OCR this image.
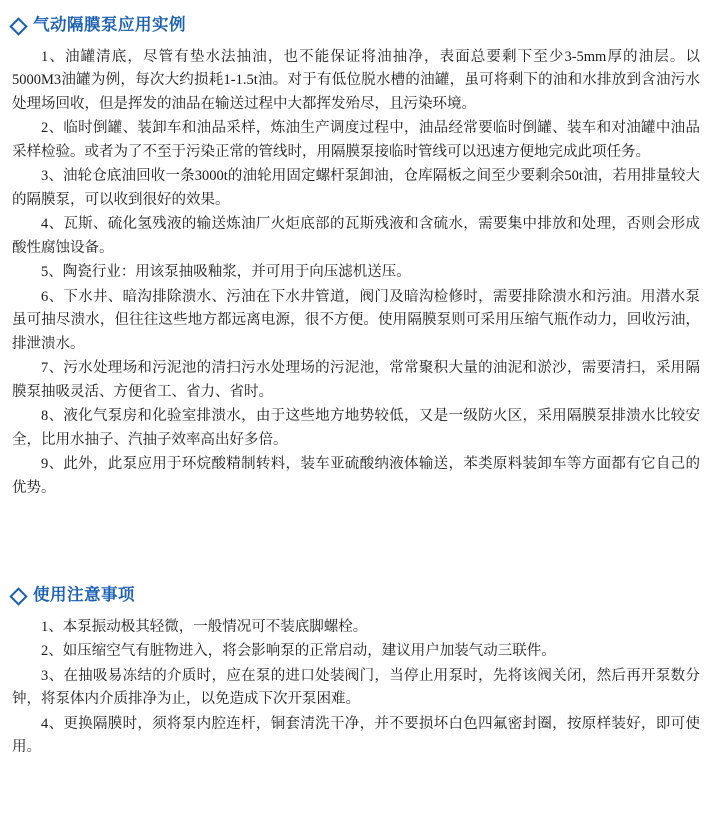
气动隔膜泵应用实例

1、油罐清底，尽管有垫水法抽油，也不能保证将油抽净，表面总要剩下至少3-5mm厚的油层。以5000M3油罐为例，每次大约损耗1-1.5t油。对于有低位脱水槽的油罐，虽可将剩下的油和水排放到含油污水处理场回收，但是挥发的油品在输送过程中大都挥发殆尽，且污染环境。

2、临时倒罐、装卸车和油品采样，炼油生产调度过程中，油品经常要临时倒罐、装车和对油罐中油品采样检验。或者为了不至于污染正常的管线时，用隔膜泵接临时管线可以迅速方便地完成此项任务。

3、油轮仓底油回收一条3000t的油轮用固定螺杆泵卸油，仓库隔板之间至少要剩余50t油，若用排量较大的隔膜泵，可以收到很好的效果。

4、瓦斯、硫化氢残液的输送炼油厂火炬底部的瓦斯残液和含硫水，需要集中排放和处理，否则会形成酸性腐蚀设备。

5、陶瓷行业：用该泵抽吸釉浆，并可用于向压滤机送压。

6、下水井、暗沟排除溃水、污油在下水井管道，阀门及暗沟检修时，需要排除溃水和污油。用潜水泵虽可抽尽溃水，但往往这些地方都远离电源，很不方便。使用隔膜泵则可采用压缩气瓶作动力，回收污油，排泄溃水。

7、污水处理场和污泥池的清扫污水处理场的污泥池，常常聚积大量的油泥和淤沙，需要清扫，采用隔膜泵抽吸灵活、方便省工、省力、省时。

8、液化气泵房和化验室排溃水，由于这些地方地势较低，又是一级防火区，采用隔膜泵排溃水比较安全，比用水抽子、汽抽子效率高出好多倍。

9、此外，此泵应用于环烷酸精制转料，装车亚硫酸纳液体输送，苯类原料装卸车等方面都有它自己的优势。

使用注意事项

1、本泵振动极其轻微，一般情况可不装底脚螺栓。

2、如压缩空气有脏物进入，将会影响泵的正常启动，建议用户加装气动三联件。

3、在抽吸易冻结的介质时，应在泵的进口处装阀门，当停止用泵时，先将该阀关闭，然后再开泵数分钟，将泵体内介质排净为止，以免造成下次开泵困难。

4、更换隔膜时，须将泵内腔连杆，铜套清洗干净，并不要损坏白色四氟密封圈，按原样装好，即可使用。
